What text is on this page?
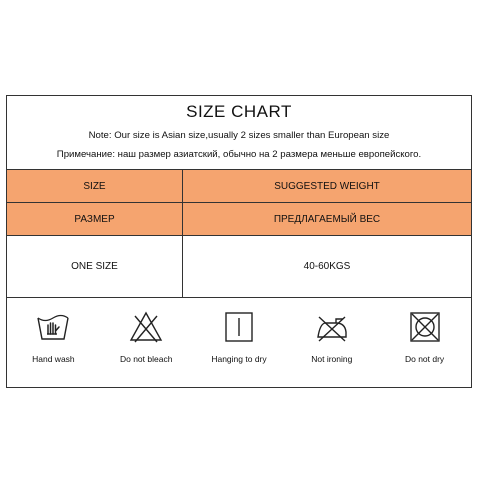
SIZE CHART
Note: Our size is Asian size,usually 2 sizes smaller than European size
Примечание: наш размер азиатский, обычно на 2 размера меньше европейского.
SIZE	SUGGESTED WEIGHT
РАЗМЕР	ПРЕДЛАГАЕМЫЙ ВЕС
ONE SIZE	40-60KGS
Hand wash	Do not bleach	Hanging to dry	Not ironing	Do not dry
